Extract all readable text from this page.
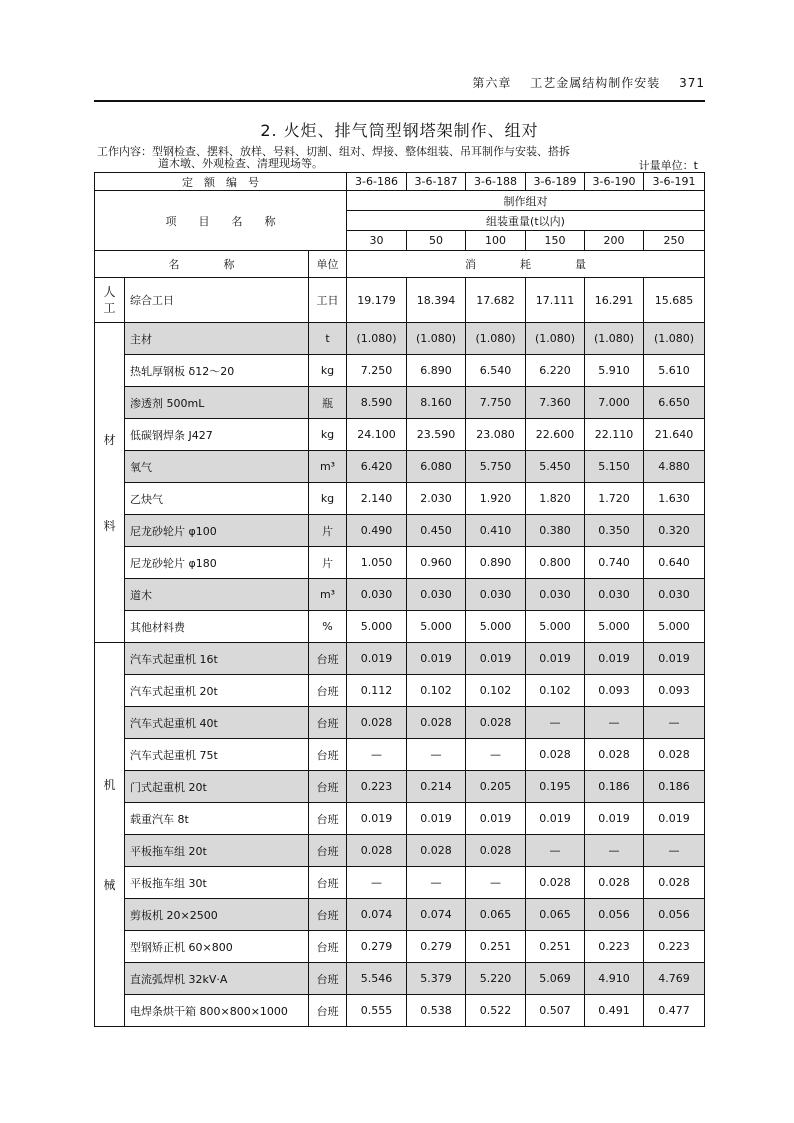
第六章 工艺金属结构制作安装 371
2. 火炬、排气筒型钢塔架制作、组对
工作内容：型钢检查、摆料、放样、号料、切割、组对、焊接、整体组装、吊耳制作与安装、搭拆
道木墩、外观检查、清理现场等。	计量单位：t
定　额　编　号			3-6-186	3-6-187	3-6-188	3-6-189	3-6-190	3-6-191
项　　目　　名　　称			制作组对					
			组装重量(t以内)					
			30	50	100	150	200	250
名　　　　称		单位	消　　　　耗　　　　量					

人
工	综合工日	工日	19.179	18.394	17.682	17.111	16.291	15.685

材
料	主材	t	(1.080)	(1.080)	(1.080)	(1.080)	(1.080)	(1.080)
	热轧厚钢板 δ12～20	kg	7.250	6.890	6.540	6.220	5.910	5.610
	渗透剂 500mL	瓶	8.590	8.160	7.750	7.360	7.000	6.650
	低碳钢焊条 J427	kg	24.100	23.590	23.080	22.600	22.110	21.640
	氧气	m³	6.420	6.080	5.750	5.450	5.150	4.880
	乙炔气	kg	2.140	2.030	1.920	1.820	1.720	1.630
	尼龙砂轮片 φ100	片	0.490	0.450	0.410	0.380	0.350	0.320
	尼龙砂轮片 φ180	片	1.050	0.960	0.890	0.800	0.740	0.640
	道木	m³	0.030	0.030	0.030	0.030	0.030	0.030
	其他材料费	%	5.000	5.000	5.000	5.000	5.000	5.000

机
械	汽车式起重机 16t	台班	0.019	0.019	0.019	0.019	0.019	0.019
	汽车式起重机 20t	台班	0.112	0.102	0.102	0.102	0.093	0.093
	汽车式起重机 40t	台班	0.028	0.028	0.028	—	—	—
	汽车式起重机 75t	台班	—	—	—	0.028	0.028	0.028
	门式起重机 20t	台班	0.223	0.214	0.205	0.195	0.186	0.186
	载重汽车 8t	台班	0.019	0.019	0.019	0.019	0.019	0.019
	平板拖车组 20t	台班	0.028	0.028	0.028	—	—	—
	平板拖车组 30t	台班	—	—	—	0.028	0.028	0.028
	剪板机 20×2500	台班	0.074	0.074	0.065	0.065	0.056	0.056
	型钢矫正机 60×800	台班	0.279	0.279	0.251	0.251	0.223	0.223
	直流弧焊机 32kV·A	台班	5.546	5.379	5.220	5.069	4.910	4.769
	电焊条烘干箱 800×800×1000	台班	0.555	0.538	0.522	0.507	0.491	0.477
